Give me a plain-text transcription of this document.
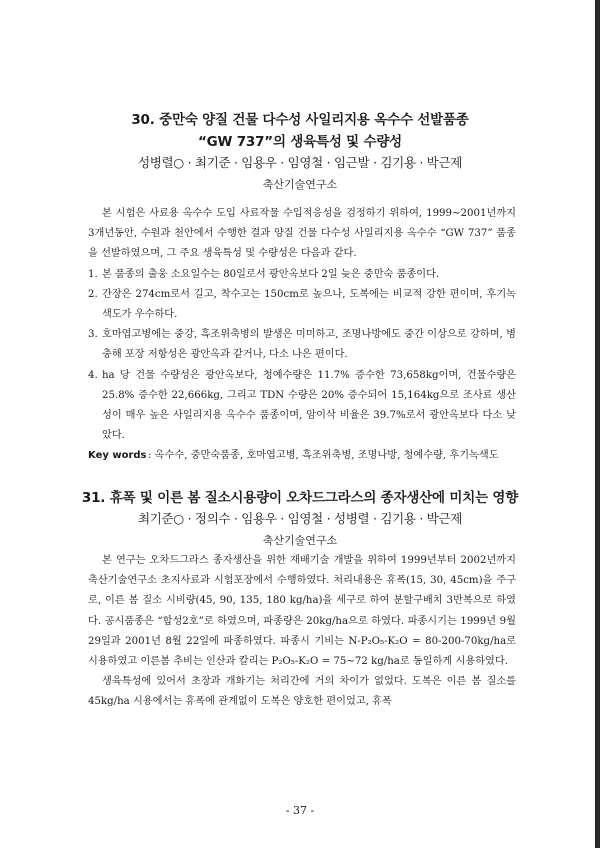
30. 중만숙 양질 건물 다수성 사일리지용 옥수수 선발품종
“GW 737”의 생육특성 및 수량성
성병렬○ · 최기준 · 임용우 · 임영철 · 임근발 · 김기용 · 박근제
축산기술연구소

본 시험은 사료용 옥수수 도입 사료작물 수입적응성을 검정하기 위하여, 1999∼2001년까지 3개년동안, 수원과 천안에서 수행한 결과 양질 건물 다수성 사일리지용 옥수수 “GW 737” 품종을 선발하였으며, 그 주요 생육특성 및 수량성은 다음과 같다.

1. 본 품종의 출웅 소요일수는 80일로서 광안옥보다 2일 늦은 중만숙 품종이다.
2. 간장은 274cm로서 길고, 착수고는 150cm로 높으나, 도복에는 비교적 강한 편이며, 후기녹색도가 우수하다.
3. 호마엽고병에는 중강, 흑조위축병의 발생은 미미하고, 조명나방에도 중간 이상으로 강하며, 병충해 포장 저항성은 광안옥과 같거나, 다소 나은 편이다.
4. ha 당 건물 수량성은 광안옥보다, 청예수량은 11.7% 증수한 73,658kg이며, 건물수량은 25.8% 증수한 22,666kg, 그리고 TDN 수량은 20% 증수되어 15,164kg으로 조사료 생산성이 매우 높은 사일리지용 옥수수 품종이며, 암이삭 비율은 39.7%로서 광안옥보다 다소 낮았다.
Key words : 옥수수, 중만숙품종, 호마엽고병, 흑조위축병, 조명나방, 청예수량, 후기녹색도
31. 휴폭 및 이른 봄 질소시용량이 오차드그라스의 종자생산에 미치는 영향
최기준○ · 정의수 · 임용우 · 임영철 · 성병렬 · 김기용 · 박근제
축산기술연구소

본 연구는 오차드그라스 종자생산을 위한 재배기술 개발을 위하여 1999년부터 2002년까지 축산기술연구소 초지사료과 시험포장에서 수행하였다. 처리내용은 휴폭(15, 30, 45cm)을 주구로, 이른 봄 질소 시비량(45, 90, 135, 180 kg/ha)을 세구로 하여 분할구배치 3반복으로 하였다. 공시품종은 “합성2호”로 하였으며, 파종량은 20kg/ha으로 하였다. 파종시기는 1999년 9월 29일과 2001년 8월 22일에 파종하였다. 파종시 기비는 N-P₂O₅-K₂O = 80-200-70kg/ha로 시용하였고 이른봄 추비는 인산과 칼리는 P₂O₅-K₂O = 75∼72 kg/ha로 동일하게 시용하였다.

생육특성에 있어서 초장과 개화기는 처리간에 거의 차이가 없었다. 도복은 이른 봄 질소를 45kg/ha 시용에서는 휴폭에 관계없이 도복은 양호한 편이었고, 휴폭

- 37 -
